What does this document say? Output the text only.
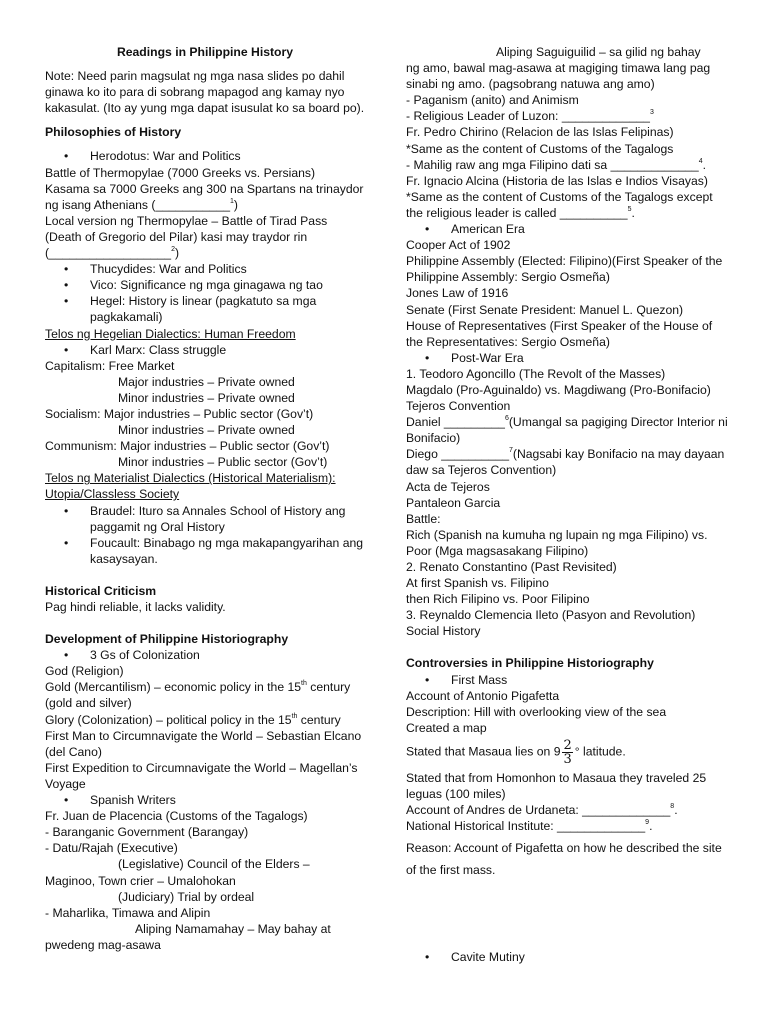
Readings in Philippine History

Note: Need parin magsulat ng mga nasa slides po dahil ginawa ko ito para di sobrang mapagod ang kamay nyo kakasulat. (Ito ay yung mga dapat isusulat ko sa board po).

Philosophies of History

• Herodotus: War and Politics

Battle of Thermopylae (7000 Greeks vs. Persians)

Kasama sa 7000 Greeks ang 300 na Spartans na trinaydor ng isang Athenians (___________$^1$)

Local version ng Thermopylae – Battle of Tirad Pass (Death of Gregorio del Pilar) kasi may traydor rin (__________________$^2$)

• Thucydides: War and Politics

• Vico: Significance ng mga ginagawa ng tao

• Hegel: History is linear (pagkatuto sa mga pagkakamali)

Telos ng Hegelian Dialectics: Human Freedom

• Karl Marx: Class struggle

Capitalism: Free Market

Major industries – Private owned

Minor industries – Private owned

Socialism: Major industries – Public sector (Gov’t)

Minor industries – Private owned

Communism: Major industries – Public sector (Gov’t)

Minor industries – Public sector (Gov’t)

Telos ng Materialist Dialectics (Historical Materialism): Utopia/Classless Society

• Braudel: Ituro sa Annales School of History ang paggamit ng Oral History

• Foucault: Binabago ng mga makapangyarihan ang kasaysayan.

Historical Criticism

Pag hindi reliable, it lacks validity.

Development of Philippine Historiography

• 3 Gs of Colonization

God (Religion)

Gold (Mercantilism) – economic policy in the 15th century (gold and silver)

Glory (Colonization) – political policy in the 15th century

First Man to Circumnavigate the World – Sebastian Elcano (del Cano)

First Expedition to Circumnavigate the World – Magellan’s Voyage

• Spanish Writers

Fr. Juan de Placencia (Customs of the Tagalogs)

- Baranganic Government (Barangay)

- Datu/Rajah (Executive)

(Legislative) Council of the Elders –

Maginoo, Town crier – Umalohokan

(Judiciary) Trial by ordeal

- Maharlika, Timawa and Alipin

Aliping Namamahay – May bahay at

pwedeng mag-asawa

Aliping Saguiguilid – sa gilid ng bahay

ng amo, bawal mag-asawa at magiging timawa lang pag sinabi ng amo. (pagsobrang natuwa ang amo)

- Paganism (anito) and Animism

- Religious Leader of Luzon: _____________$^3$

Fr. Pedro Chirino (Relacion de las Islas Felipinas)

*Same as the content of Customs of the Tagalogs

- Mahilig raw ang mga Filipino dati sa _____________$^4$.

Fr. Ignacio Alcina (Historia de las Islas e Indios Visayas)

*Same as the content of Customs of the Tagalogs except the religious leader is called __________$^5$.

• American Era

Cooper Act of 1902

Philippine Assembly (Elected: Filipino)(First Speaker of the Philippine Assembly: Sergio Osmeña)

Jones Law of 1916

Senate (First Senate President: Manuel L. Quezon)

House of Representatives (First Speaker of the House of the Representatives: Sergio Osmeña)

• Post-War Era

1. Teodoro Agoncillo (The Revolt of the Masses)

Magdalo (Pro-Aguinaldo) vs. Magdiwang (Pro-Bonifacio)

Tejeros Convention

Daniel _________$^6$(Umangal sa pagiging Director Interior ni Bonifacio)

Diego __________$^7$(Nagsabi kay Bonifacio na may dayaan daw sa Tejeros Convention)

Acta de Tejeros

Pantaleon Garcia

Battle:

Rich (Spanish na kumuha ng lupain ng mga Filipino) vs. Poor (Mga magsasakang Filipino)

2. Renato Constantino (Past Revisited)

At first Spanish vs. Filipino

then Rich Filipino vs. Poor Filipino

3. Reynaldo Clemencia Ileto (Pasyon and Revolution)

Social History

Controversies in Philippine Historiography

• First Mass

Account of Antonio Pigafetta

Description: Hill with overlooking view of the sea

Created a map

Stated that Masaua lies on $9 \frac{2}{3}$ ° latitude.

Stated that from Homonhon to Masaua they traveled 25 leguas (100 miles)

Account of Andres de Urdaneta: _____________$^8$.

National Historical Institute: _____________$^9$.

Reason: Account of Pigafetta on how he described the site of the first mass.

• Cavite Mutiny
